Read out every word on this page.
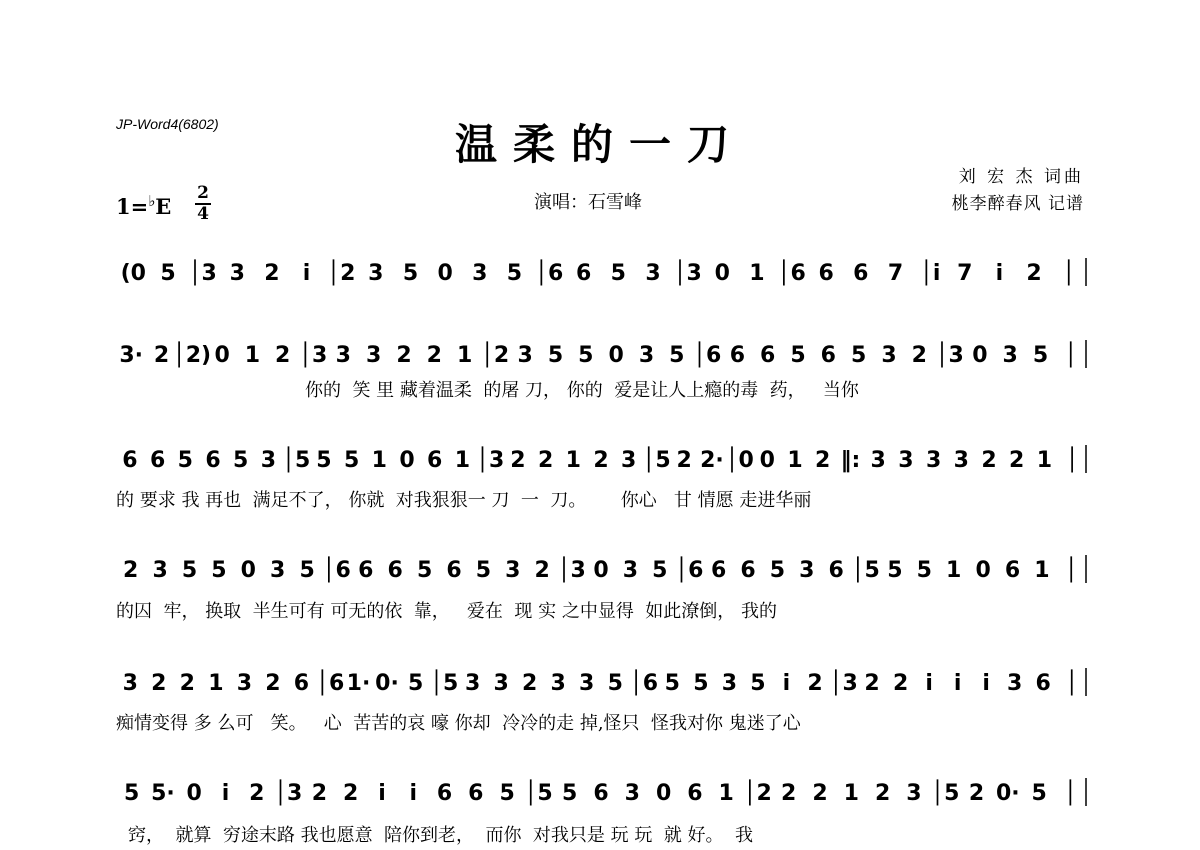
JP-Word4(6802)	温柔的一刀
刘 宏 杰 词曲
桃李醉春风 记谱
演唱：石雪峰
1=♭E
2
4
(0 5 │3 3 2 i │2 3 5 0 3 5 │6 6 5 3 │3 0 1 │6 6 6 7 │i 7 i 2 │
3· 2 │2) 0 1 2 │3 3 3 2 2 1 │2 3 5 5 0 3 5 │6 6 6 5 6 5 3 2 │3 0 3 5 │
6 6 5 6 5 3 │5 5 5 1 0 6 1 │3 2 2 1 2 3 │5 2 2· │0 0 1 2 ‖: 3 3 3 3 2 2 1 │
2 3 5 5 0 3 5 │6 6 6 5 6 5 3 2 │3 0 3 5 │6 6 6 5 3 6 │5 5 5 1 0 6 1 │
3 2 2 1 3 2 6 │6 1· 0· 5 │5 3 3 2 3 3 5 │6 5 5 3 5 i 2 │3 2 2 i i i 3 6 │
5 5· 0 i 2 │3 2 2 i i 6 6 5 │5 5 6 3 0 6 1 │2 2 2 1 2 3 │5 2 0· 5 │
你的  笑 里 藏着温柔  的屠 刀， 你的  爱是让人上瘾的毒  药，   当你
的 要求 我 再也  满足不了， 你就  对我狠狠一 刀  一  刀。      你心   甘 情愿 走进华丽
的囚  牢， 换取  半生可有 可无的依  靠，   爱在  现 实 之中显得  如此潦倒， 我的
痴情变得 多 么可   笑。   心  苦苦的哀 嚎 你却  冷冷的走 掉,怪只  怪我对你 鬼迷了心
窍，  就算  穷途末路 我也愿意  陪你到老，  而你  对我只是 玩 玩  就 好。  我
